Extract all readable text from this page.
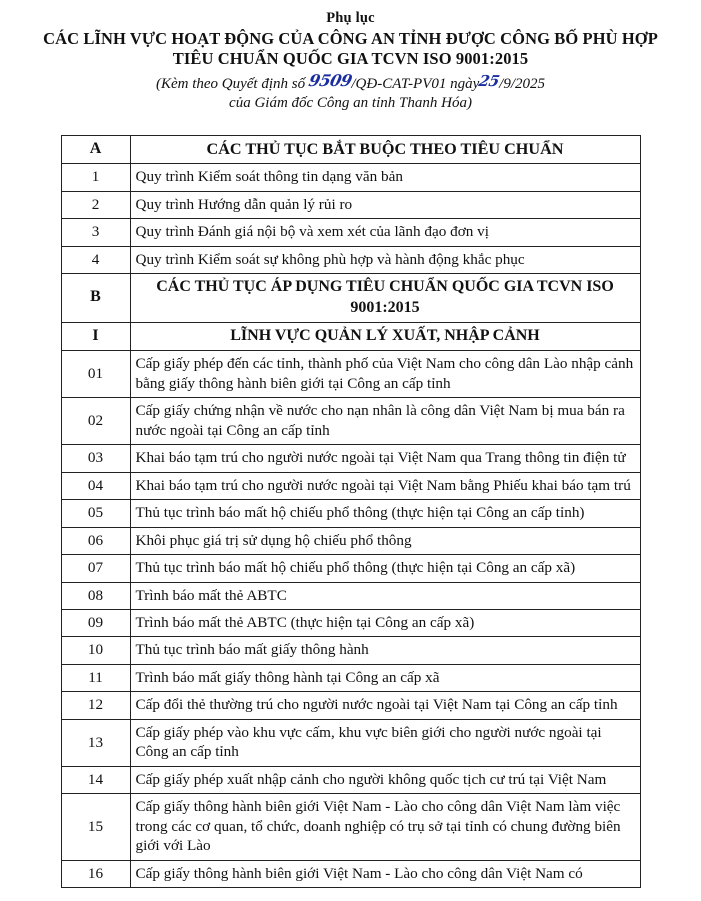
Phụ lục
CÁC LĨNH VỰC HOẠT ĐỘNG CỦA CÔNG AN TỈNH ĐƯỢC CÔNG BỐ PHÙ HỢP TIÊU CHUẨN QUỐC GIA TCVN ISO 9001:2015
(Kèm theo Quyết định số 9509/QĐ-CAT-PV01 ngày25/9/2025
của Giám đốc Công an tỉnh Thanh Hóa)
A	CÁC THỦ TỤC BẮT BUỘC THEO TIÊU CHUẨN
1	Quy trình Kiểm soát thông tin dạng văn bản
2	Quy trình Hướng dẫn quản lý rủi ro
3	Quy trình Đánh giá nội bộ và xem xét của lãnh đạo đơn vị
4	Quy trình Kiểm soát sự không phù hợp và hành động khắc phục
B	CÁC THỦ TỤC ÁP DỤNG TIÊU CHUẨN QUỐC GIA TCVN ISO 9001:2015
I	LĨNH VỰC QUẢN LÝ XUẤT, NHẬP CẢNH
01	Cấp giấy phép đến các tỉnh, thành phố của Việt Nam cho công dân Lào nhập cảnh bằng giấy thông hành biên giới tại Công an cấp tỉnh
02	Cấp giấy chứng nhận về nước cho nạn nhân là công dân Việt Nam bị mua bán ra nước ngoài tại Công an cấp tỉnh
03	Khai báo tạm trú cho người nước ngoài tại Việt Nam qua Trang thông tin điện tử
04	Khai báo tạm trú cho người nước ngoài tại Việt Nam bằng Phiếu khai báo tạm trú
05	Thủ tục trình báo mất hộ chiếu phổ thông (thực hiện tại Công an cấp tỉnh)
06	Khôi phục giá trị sử dụng hộ chiếu phổ thông
07	Thủ tục trình báo mất hộ chiếu phổ thông (thực hiện tại Công an cấp xã)
08	Trình báo mất thẻ ABTC
09	Trình báo mất thẻ ABTC (thực hiện tại Công an cấp xã)
10	Thủ tục trình báo mất giấy thông hành
11	Trình báo mất giấy thông hành tại Công an cấp xã
12	Cấp đổi thẻ thường trú cho người nước ngoài tại Việt Nam tại Công an cấp tỉnh
13	Cấp giấy phép vào khu vực cấm, khu vực biên giới cho người nước ngoài tại Công an cấp tỉnh
14	Cấp giấy phép xuất nhập cảnh cho người không quốc tịch cư trú tại Việt Nam
15	Cấp giấy thông hành biên giới Việt Nam - Lào cho công dân Việt Nam làm việc trong các cơ quan, tổ chức, doanh nghiệp có trụ sở tại tỉnh có chung đường biên giới với Lào
16	Cấp giấy thông hành biên giới Việt Nam - Lào cho công dân Việt Nam có
